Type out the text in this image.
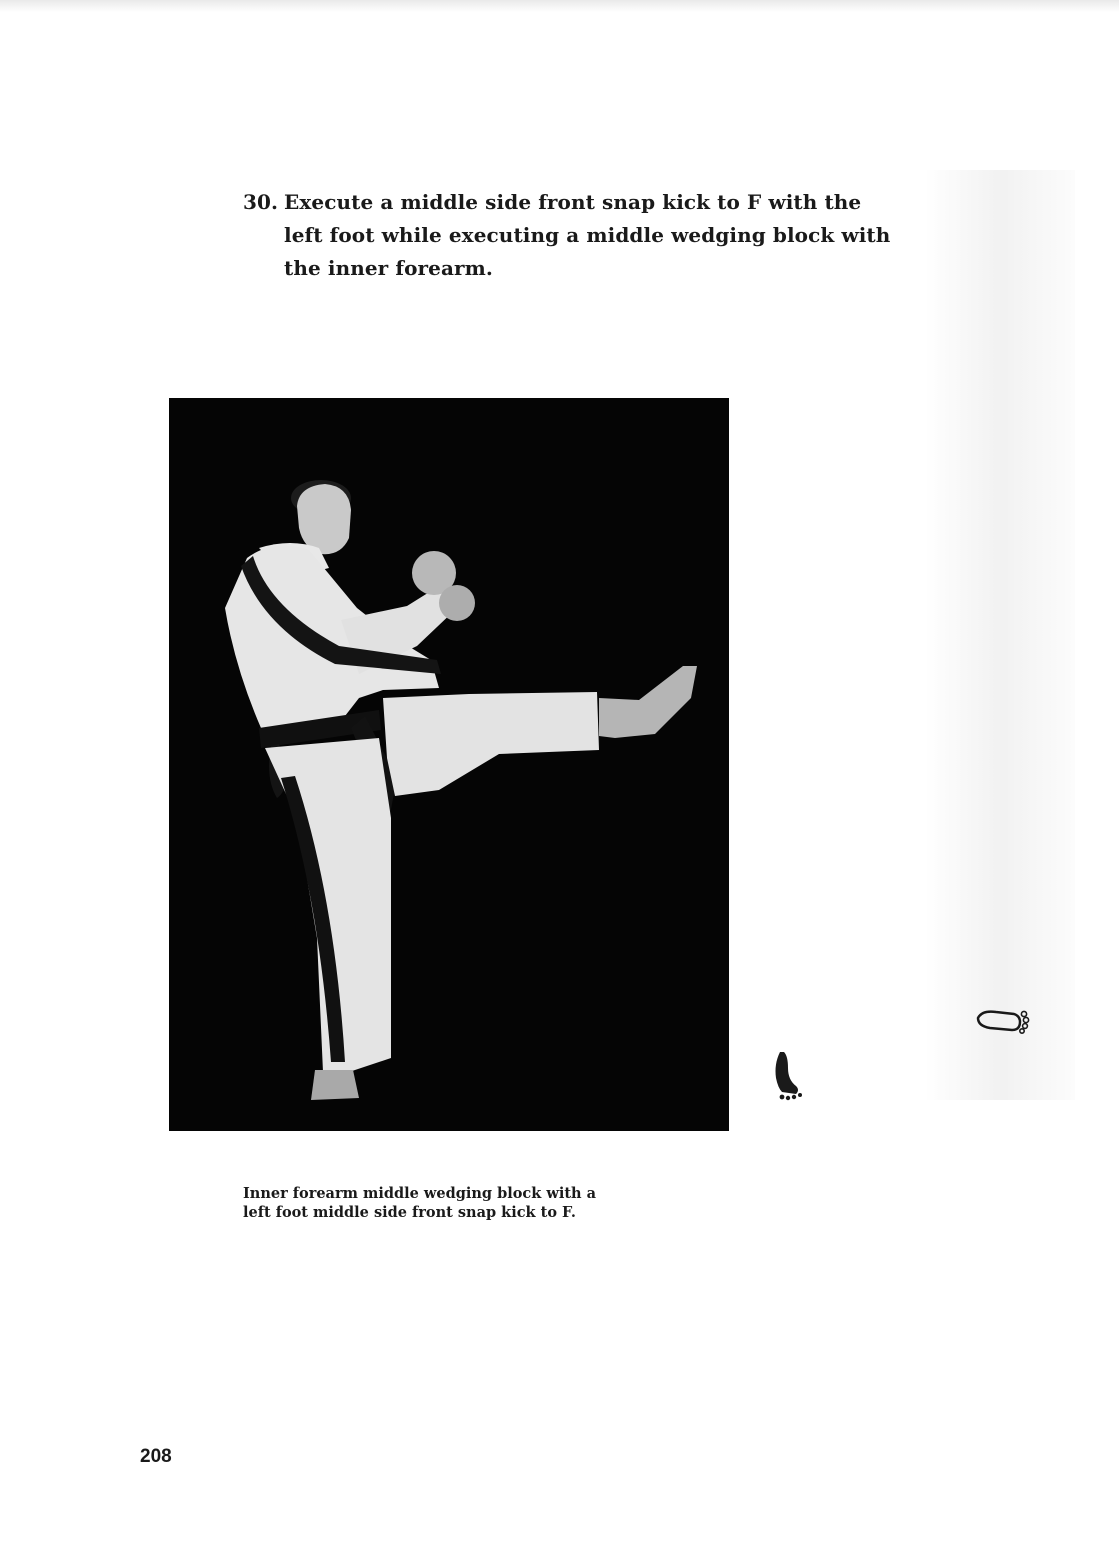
30. Execute a middle side front snap kick to F with the
left foot while executing a middle wedging block with
the inner forearm.
Inner forearm middle wedging block with a
left foot middle side front snap kick to F.
208
